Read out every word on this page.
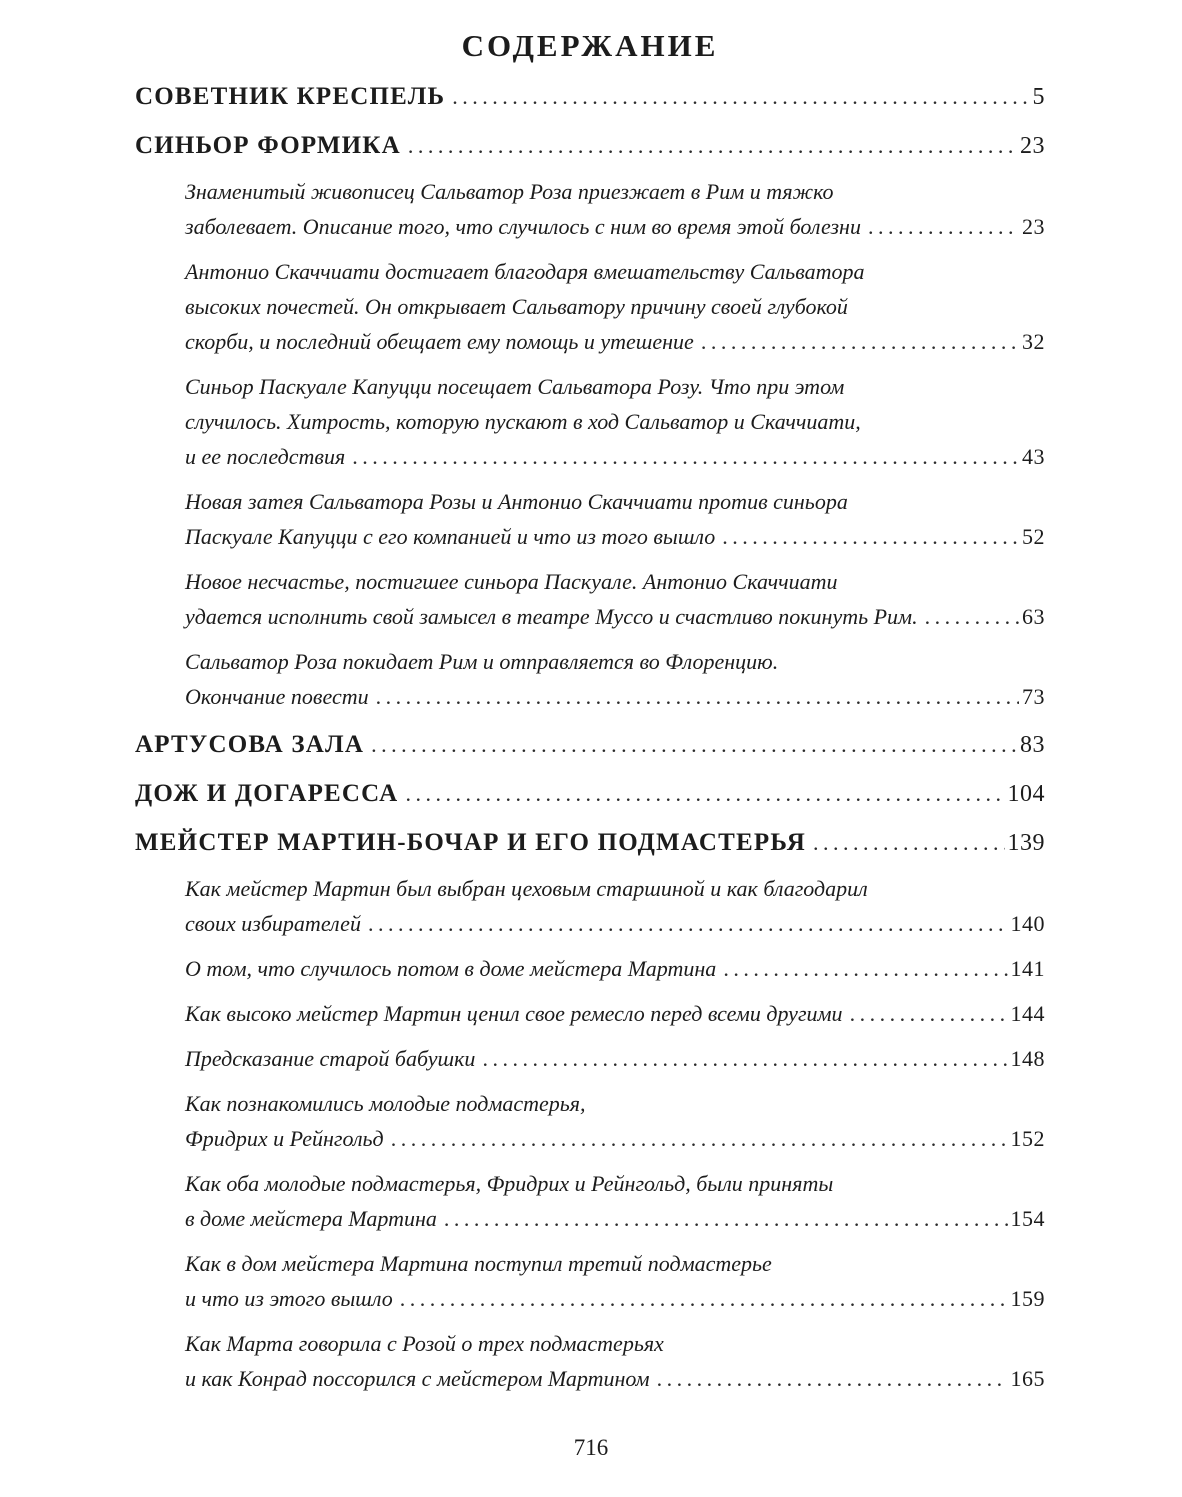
СОДЕРЖАНИЕ
СОВЕТНИК КРЕСПЕЛЬ .....	5
СИНЬОР ФОРМИКА .....	23
Знаменитый живописец Сальватор Роза приезжает в Рим и тяжко
заболевает. Описание того, что случилось с ним во время этой болезни .....	23
Антонио Скаччиати достигает благодаря вмешательству Сальватора
высоких почестей. Он открывает Сальватору причину своей глубокой
скорби, и последний обещает ему помощь и утешение .....	32
Синьор Паскуале Капуцци посещает Сальватора Розу. Что при этом
случилось. Хитрость, которую пускают в ход Сальватор и Скаччиати,
и ее последствия .....	43
Новая затея Сальватора Розы и Антонио Скаччиати против синьора
Паскуале Капуцци с его компанией и что из того вышло .....	52
Новое несчастье, постигшее синьора Паскуале. Антонио Скаччиати
удается исполнить свой замысел в театре Муссо и счастливо покинуть Рим. .....	63
Сальватор Роза покидает Рим и отправляется во Флоренцию.
Окончание повести .....	73
АРТУСОВА ЗАЛА .....	83
ДОЖ И ДОГАРЕССА .....	104
МЕЙСТЕР МАРТИН-БОЧАР И ЕГО ПОДМАСТЕРЬЯ .....	139
Как мейстер Мартин был выбран цеховым старшиной и как благодарил
своих избирателей .....	140
О том, что случилось потом в доме мейстера Мартина .....	141
Как высоко мейстер Мартин ценил свое ремесло перед всеми другими .....	144
Предсказание старой бабушки .....	148
Как познакомились молодые подмастерья,
Фридрих и Рейнгольд .....	152
Как оба молодые подмастерья, Фридрих и Рейнгольд, были приняты
в доме мейстера Мартина .....	154
Как в дом мейстера Мартина поступил третий подмастерье
и что из этого вышло .....	159
Как Марта говорила с Розой о трех подмастерьях
и как Конрад поссорился с мейстером Мартином .....	165
716
